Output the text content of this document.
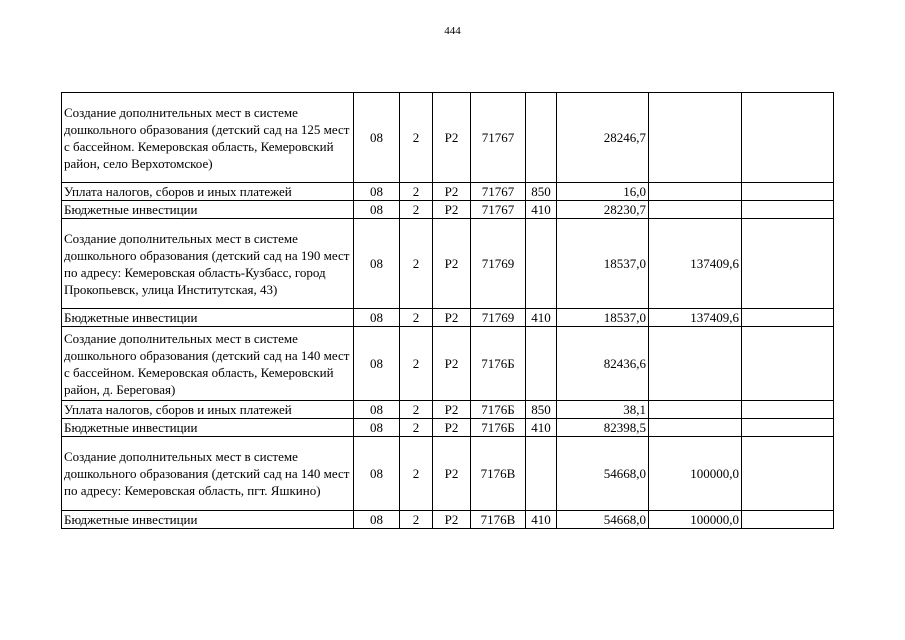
444
Создание дополнительных мест в системе дошкольного образования (детский сад на 125 мест с бассейном. Кемеровская область, Кемеровский район, село Верхотомское)	08	2	Р2	71767		28246,7		
Уплата налогов, сборов и иных платежей	08	2	Р2	71767	850	16,0		
Бюджетные инвестиции	08	2	Р2	71767	410	28230,7		
Создание дополнительных мест в системе дошкольного образования (детский сад на 190 мест по адресу: Кемеровская область-Кузбасс, город Прокопьевск, улица Институтская, 43)	08	2	Р2	71769		18537,0	137409,6	
Бюджетные инвестиции	08	2	Р2	71769	410	18537,0	137409,6	
Создание дополнительных мест в системе дошкольного образования (детский сад на 140 мест с бассейном. Кемеровская область, Кемеровский район, д. Береговая)	08	2	Р2	7176Б		82436,6		
Уплата налогов, сборов и иных платежей	08	2	Р2	7176Б	850	38,1		
Бюджетные инвестиции	08	2	Р2	7176Б	410	82398,5		
Создание дополнительных мест в системе дошкольного образования (детский сад на 140 мест по адресу: Кемеровская область, пгт. Яшкино)	08	2	Р2	7176В		54668,0	100000,0	
Бюджетные инвестиции	08	2	Р2	7176В	410	54668,0	100000,0	
